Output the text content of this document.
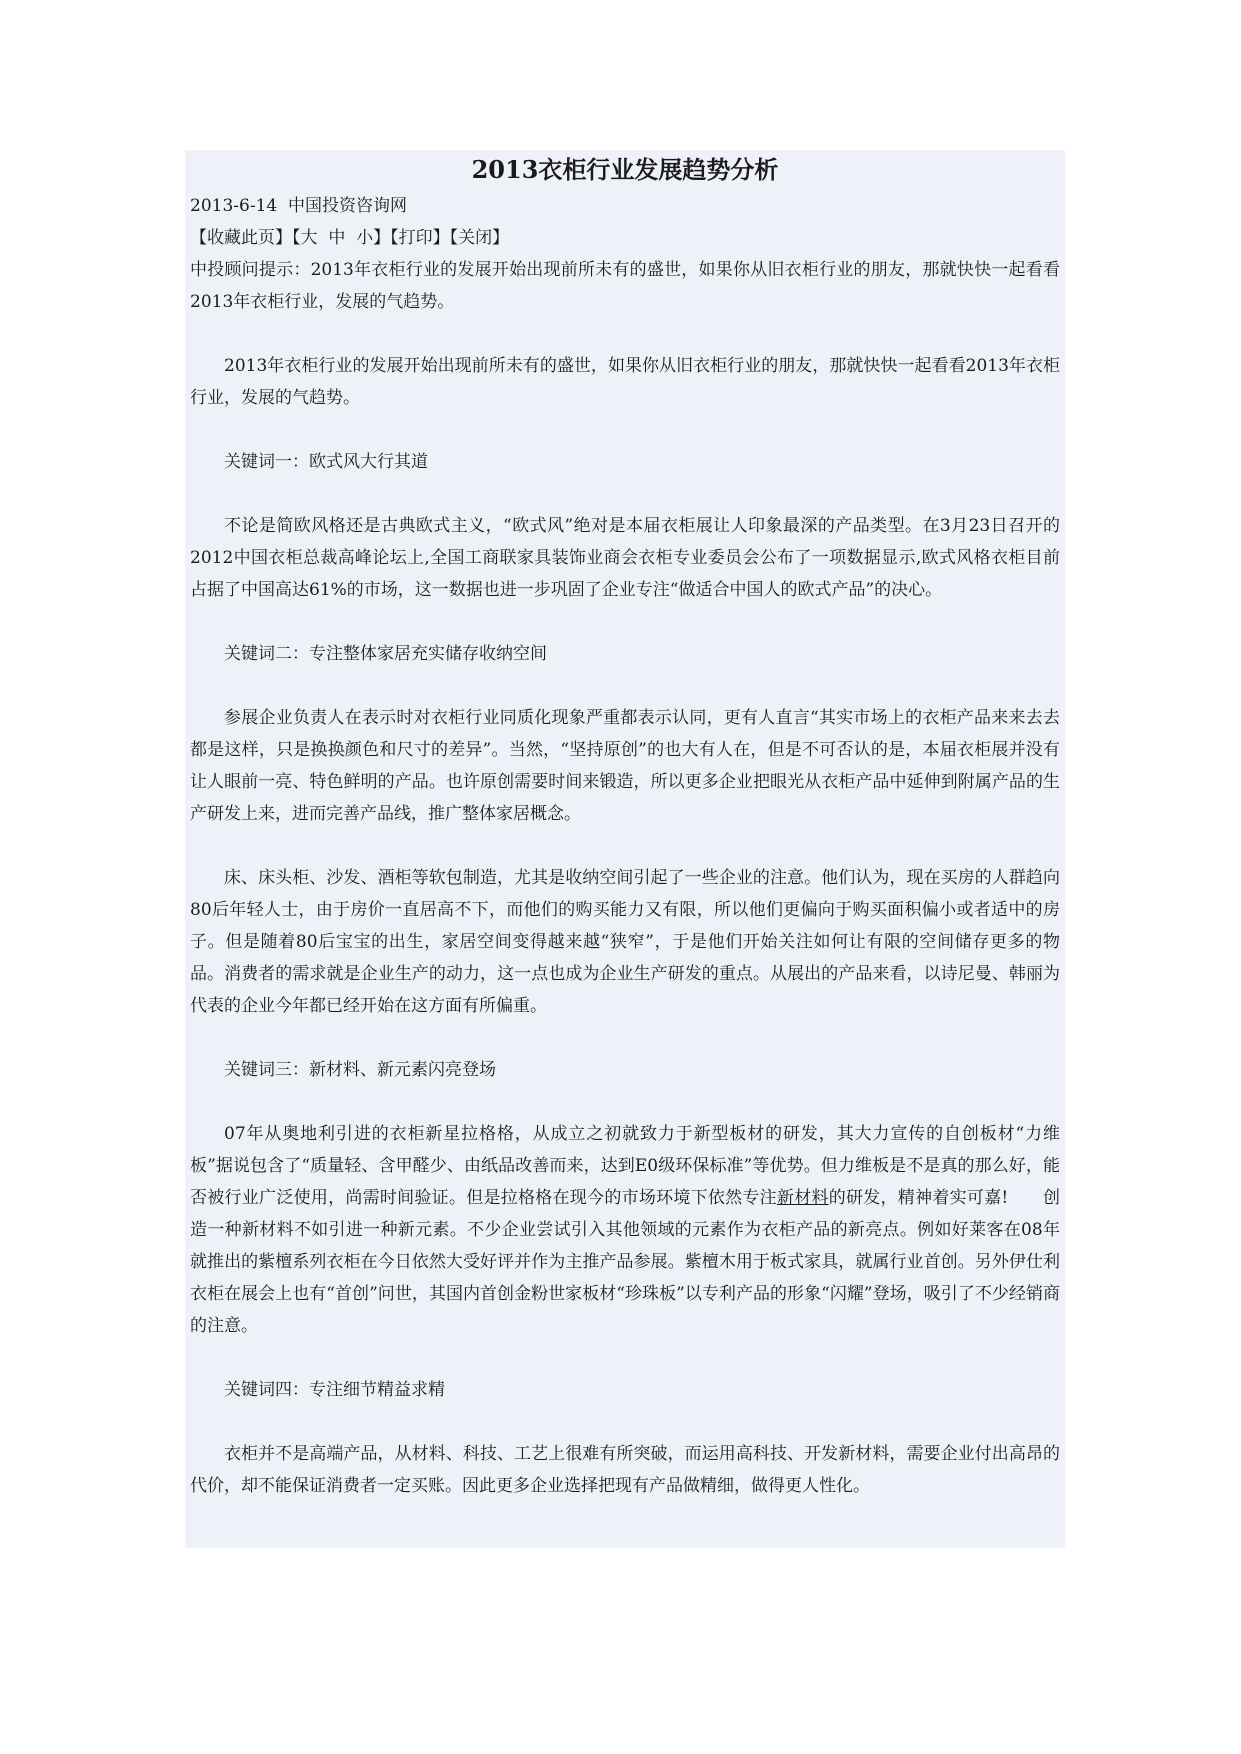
2013衣柜行业发展趋势分析

2013-6-14 中国投资咨询网

【收藏此页】【大 中 小】【打印】【关闭】

中投顾问提示：2013年衣柜行业的发展开始出现前所未有的盛世，如果你从旧衣柜行业的朋友，那就快快一起看看2013年衣柜行业，发展的气趋势。

2013年衣柜行业的发展开始出现前所未有的盛世，如果你从旧衣柜行业的朋友，那就快快一起看看2013年衣柜行业，发展的气趋势。

关键词一：欧式风大行其道

不论是简欧风格还是古典欧式主义，“欧式风”绝对是本届衣柜展让人印象最深的产品类型。在3月23日召开的2012中国衣柜总裁高峰论坛上,全国工商联家具装饰业商会衣柜专业委员会公布了一项数据显示,欧式风格衣柜目前占据了中国高达61%的市场，这一数据也进一步巩固了企业专注“做适合中国人的欧式产品”的决心。

关键词二：专注整体家居充实储存收纳空间

参展企业负责人在表示时对衣柜行业同质化现象严重都表示认同，更有人直言“其实市场上的衣柜产品来来去去都是这样，只是换换颜色和尺寸的差异”。当然，“坚持原创”的也大有人在，但是不可否认的是，本届衣柜展并没有让人眼前一亮、特色鲜明的产品。也许原创需要时间来锻造，所以更多企业把眼光从衣柜产品中延伸到附属产品的生产研发上来，进而完善产品线，推广整体家居概念。

床、床头柜、沙发、酒柜等软包制造，尤其是收纳空间引起了一些企业的注意。他们认为，现在买房的人群趋向80后年轻人士，由于房价一直居高不下，而他们的购买能力又有限，所以他们更偏向于购买面积偏小或者适中的房子。但是随着80后宝宝的出生，家居空间变得越来越“狭窄”，于是他们开始关注如何让有限的空间储存更多的物品。消费者的需求就是企业生产的动力，这一点也成为企业生产研发的重点。从展出的产品来看，以诗尼曼、韩丽为代表的企业今年都已经开始在这方面有所偏重。

关键词三：新材料、新元素闪亮登场

07年从奥地利引进的衣柜新星拉格格，从成立之初就致力于新型板材的研发，其大力宣传的自创板材“力维板”据说包含了“质量轻、含甲醛少、由纸品改善而来，达到E0级环保标准”等优势。但力维板是不是真的那么好，能否被行业广泛使用，尚需时间验证。但是拉格格在现今的市场环境下依然专注新材料的研发，精神着实可嘉!　　创造一种新材料不如引进一种新元素。不少企业尝试引入其他领域的元素作为衣柜产品的新亮点。例如好莱客在08年就推出的紫檀系列衣柜在今日依然大受好评并作为主推产品参展。紫檀木用于板式家具，就属行业首创。另外伊仕利衣柜在展会上也有“首创”问世，其国内首创金粉世家板材“珍珠板”以专利产品的形象“闪耀”登场，吸引了不少经销商的注意。

关键词四：专注细节精益求精

衣柜并不是高端产品，从材料、科技、工艺上很难有所突破，而运用高科技、开发新材料，需要企业付出高昂的代价，却不能保证消费者一定买账。因此更多企业选择把现有产品做精细，做得更人性化。
